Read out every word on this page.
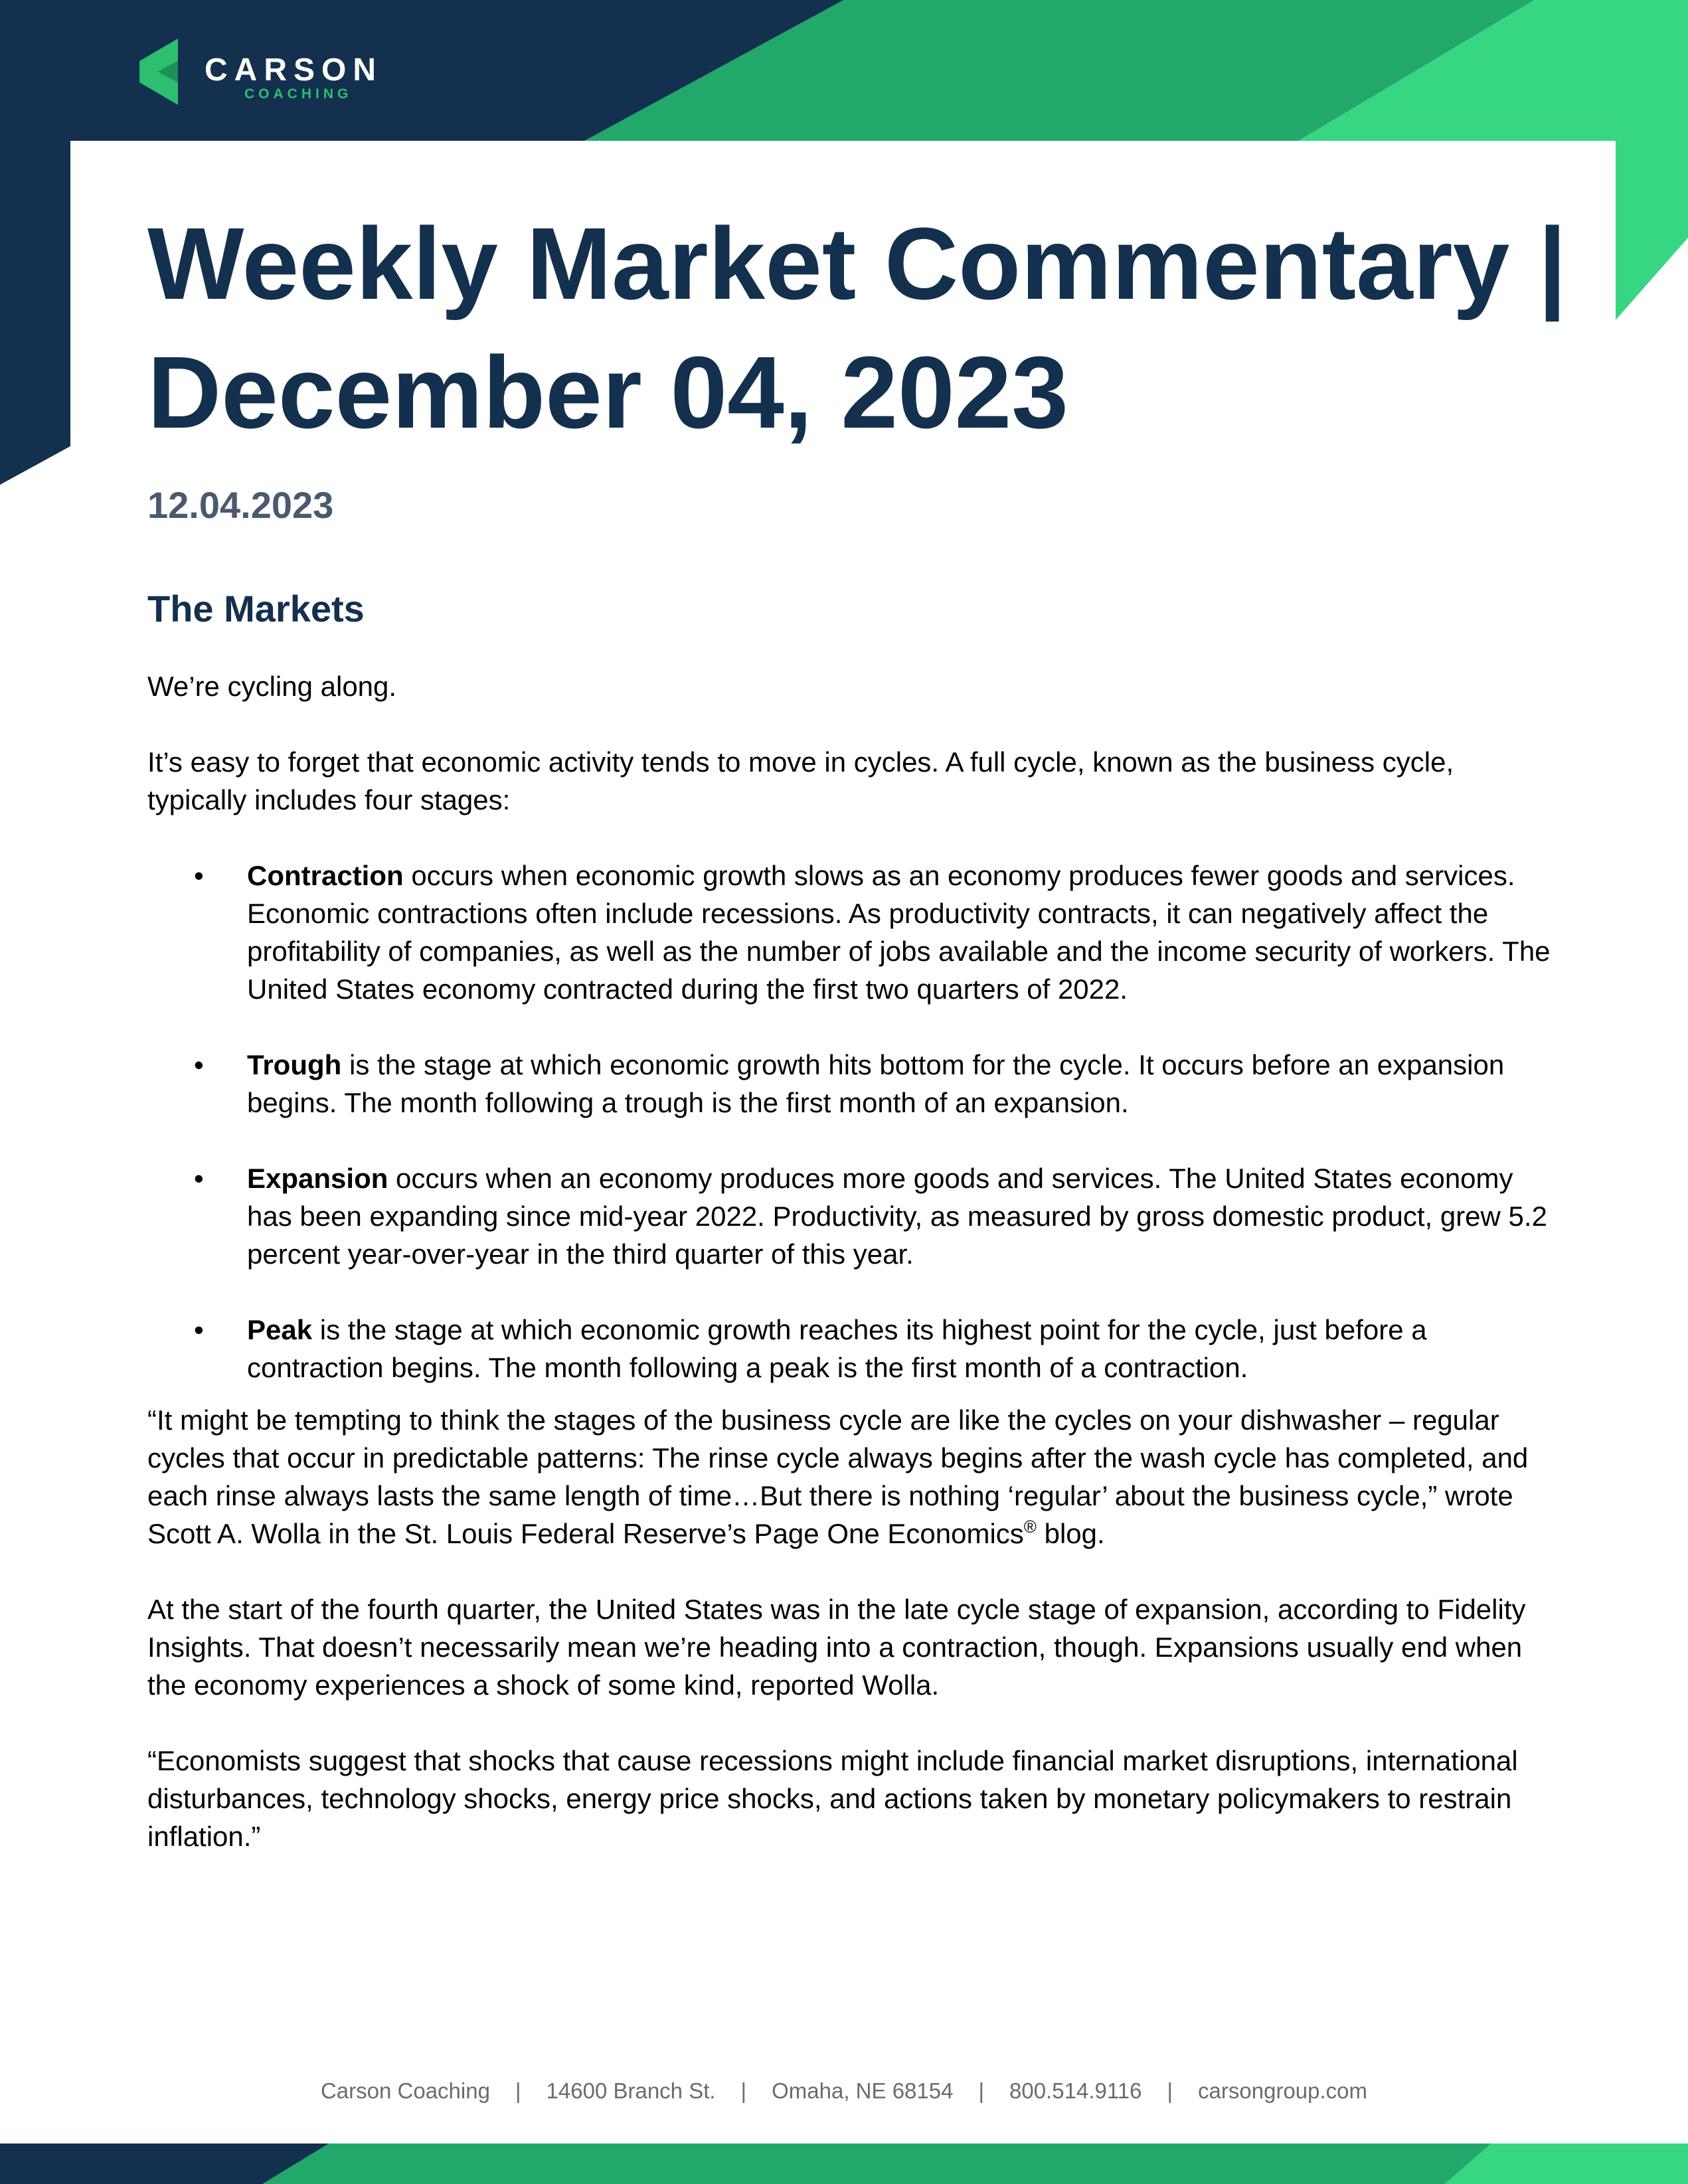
CARSON
COACHING
Weekly Market Commentary | December 04, 2023
12.04.2023
The Markets

We’re cycling along.

It’s easy to forget that economic activity tends to move in cycles. A full cycle, known as the business cycle, typically includes four stages:

• Contraction occurs when economic growth slows as an economy produces fewer goods and services. Economic contractions often include recessions. As productivity contracts, it can negatively affect the profitability of companies, as well as the number of jobs available and the income security of workers. The United States economy contracted during the first two quarters of 2022.
• Trough is the stage at which economic growth hits bottom for the cycle. It occurs before an expansion begins. The month following a trough is the first month of an expansion.
• Expansion occurs when an economy produces more goods and services. The United States economy has been expanding since mid-year 2022. Productivity, as measured by gross domestic product, grew 5.2 percent year-over-year in the third quarter of this year.
• Peak is the stage at which economic growth reaches its highest point for the cycle, just before a contraction begins. The month following a peak is the first month of a contraction.

“It might be tempting to think the stages of the business cycle are like the cycles on your dishwasher – regular cycles that occur in predictable patterns: The rinse cycle always begins after the wash cycle has completed, and each rinse always lasts the same length of time…But there is nothing ‘regular’ about the business cycle,” wrote Scott A. Wolla in the St. Louis Federal Reserve’s Page One Economics® blog.

At the start of the fourth quarter, the United States was in the late cycle stage of expansion, according to Fidelity Insights. That doesn’t necessarily mean we’re heading into a contraction, though. Expansions usually end when the economy experiences a shock of some kind, reported Wolla.

“Economists suggest that shocks that cause recessions might include financial market disruptions, international disturbances, technology shocks, energy price shocks, and actions taken by monetary policymakers to restrain inflation.”

Carson Coaching | 14600 Branch St. | Omaha, NE 68154 | 800.514.9116 | carsongroup.com
